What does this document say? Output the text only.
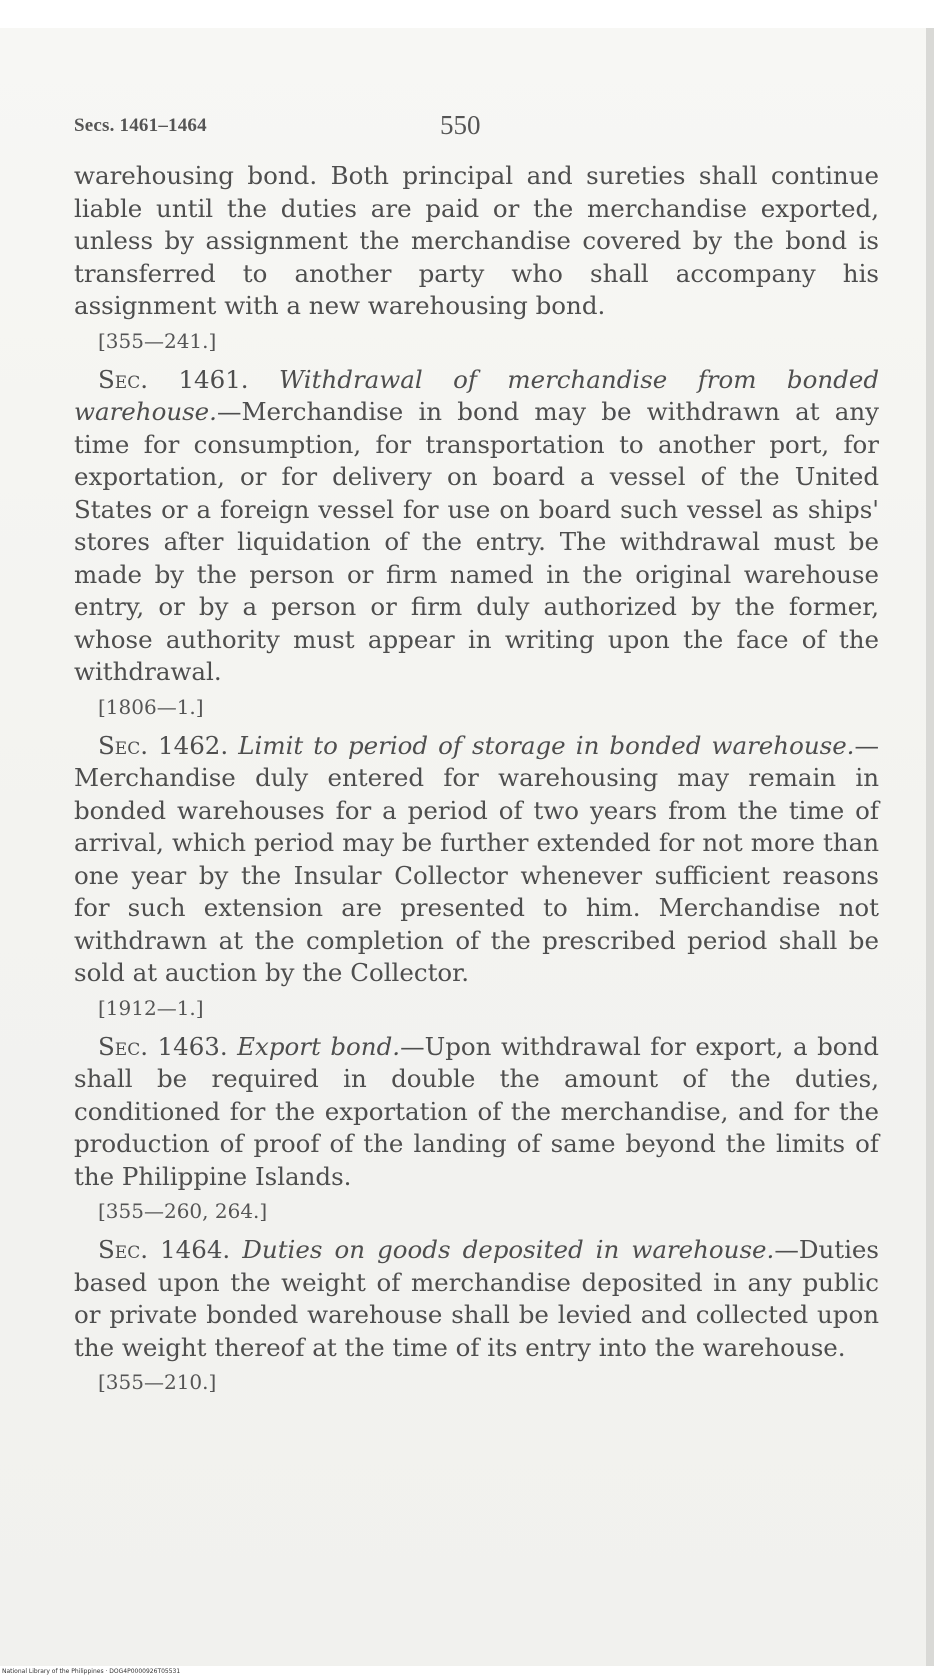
Secs. 1461–1464	550

warehousing bond. Both principal and sureties shall continue liable until the duties are paid or the merchandise exported, unless by assignment the merchandise covered by the bond is transferred to another party who shall accompany his assignment with a new warehousing bond.

[355—241.]

Sec. 1461. Withdrawal of merchandise from bonded warehouse.—Merchandise in bond may be withdrawn at any time for consumption, for transportation to another port, for exportation, or for delivery on board a vessel of the United States or a foreign vessel for use on board such vessel as ships' stores after liquidation of the entry. The withdrawal must be made by the person or firm named in the original warehouse entry, or by a person or firm duly authorized by the former, whose authority must appear in writing upon the face of the withdrawal.

[1806—1.]

Sec. 1462. Limit to period of storage in bonded warehouse.—Merchandise duly entered for warehousing may remain in bonded warehouses for a period of two years from the time of arrival, which period may be further extended for not more than one year by the Insular Collector whenever sufficient reasons for such extension are presented to him. Merchandise not withdrawn at the completion of the prescribed period shall be sold at auction by the Collector.

[1912—1.]

Sec. 1463. Export bond.—Upon withdrawal for export, a bond shall be required in double the amount of the duties, conditioned for the exportation of the merchandise, and for the production of proof of the landing of same beyond the limits of the Philippine Islands.

[355—260, 264.]

Sec. 1464. Duties on goods deposited in warehouse.—Duties based upon the weight of merchandise deposited in any public or private bonded warehouse shall be levied and collected upon the weight thereof at the time of its entry into the warehouse.

[355—210.]
National Library of the Philippines · DOG4P0000926T05531
